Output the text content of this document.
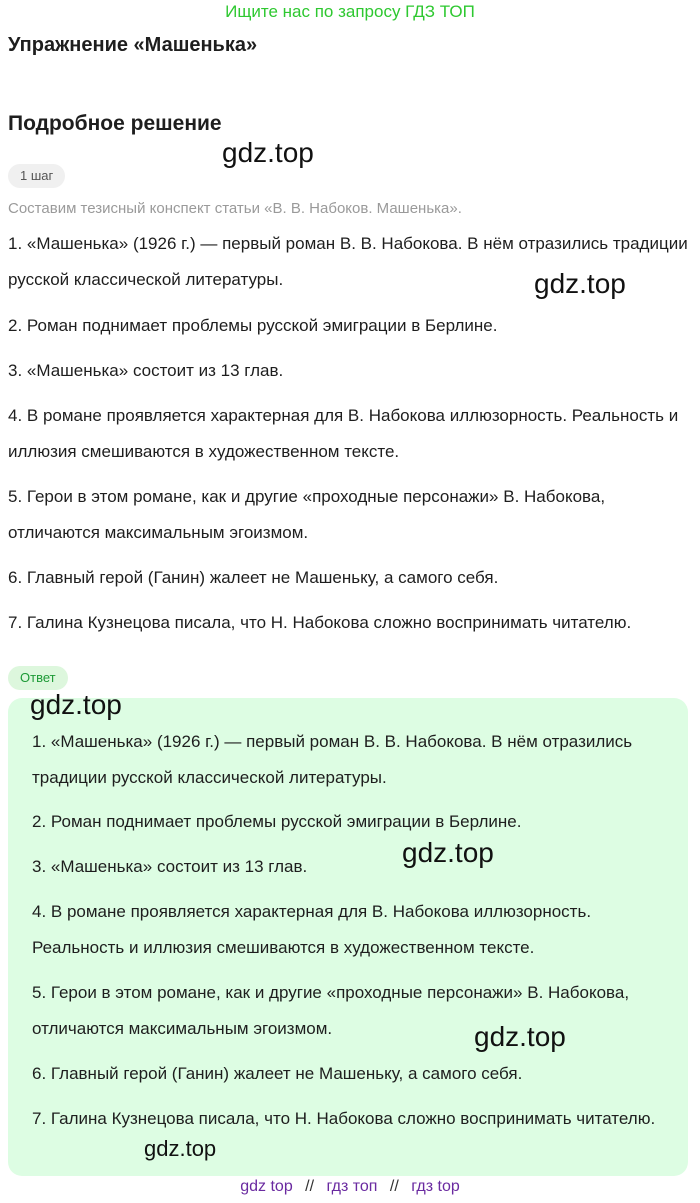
Ищите нас по запросу ГДЗ ТОП
Упражнение «Машенька»
Подробное решение
gdz.top
1 шаг
Составим тезисный конспект статьи «В. В. Набоков. Машенька».

1. «Машенька» (1926 г.) — первый роман В. В. Набокова. В нём отразились традиции русской классической литературы.	gdz.top

2. Роман поднимает проблемы русской эмиграции в Берлине.

3. «Машенька» состоит из 13 глав.

4. В романе проявляется характерная для В. Набокова иллюзорность. Реальность и иллюзия смешиваются в художественном тексте.

5. Герои в этом романе, как и другие «проходные персонажи» В. Набокова, отличаются максимальным эгоизмом.

6. Главный герой (Ганин) жалеет не Машеньку, а самого себя.

7. Галина Кузнецова писала, что Н. Набокова сложно воспринимать читателю.

Ответ
gdz.top

1. «Машенька» (1926 г.) — первый роман В. В. Набокова. В нём отразились традиции русской классической литературы.

2. Роман поднимает проблемы русской эмиграции в Берлине.

3. «Машенька» состоит из 13 глав.	gdz.top

4. В романе проявляется характерная для В. Набокова иллюзорность. Реальность и иллюзия смешиваются в художественном тексте.

5. Герои в этом романе, как и другие «проходные персонажи» В. Набокова, отличаются максимальным эгоизмом.	gdz.top

6. Главный герой (Ганин) жалеет не Машеньку, а самого себя.

7. Галина Кузнецова писала, что Н. Набокова сложно воспринимать читателю.

gdz.top
gdz top // гдз топ // гдз top
